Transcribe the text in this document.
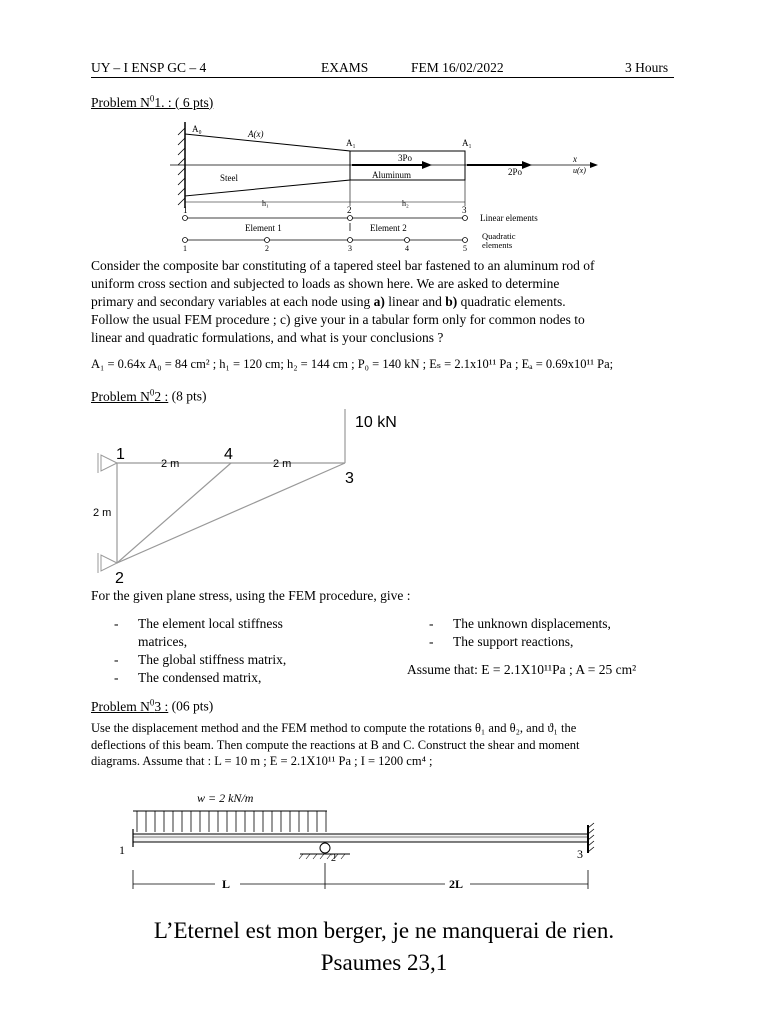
UY – I ENSP GC – 4	EXAMS	FEM 16/02/2022	3 Hours
Problem $N^01$. : ( 6 pts)
A₀	A(x)
A₁	A₁
3Po
2Po
x
u(x)
Steel	Aluminum
h₁	h₂
1	2	3
Linear elements
Element 1	Element 2
Quadratic
elements
1	2	3	4	5
Consider the composite bar constituting of a tapered steel bar fastened to an aluminum rod of
uniform cross section and subjected to loads as shown here. We are asked to determine
primary and secondary variables at each node using a) linear and b) quadratic elements.
Follow the usual FEM procedure ; c) give your in a tabular form only for common nodes to
linear and quadratic formulations, and what is your conclusions ?
A₁ = 0.64x A₀ = 84 cm² ; h₁ = 120 cm; h₂ = 144 cm ; P₀ = 140 kN ; Eₛ = 2.1x10¹¹ Pa ; Eₐ = 0.69x10¹¹ Pa;
Problem $N^02$ : (8 pts)
10 kN
1	4
3
2
2 m	2 m
2 m
For the given plane stress, using the FEM procedure, give :
-	The element local stiffness
matrices,
-	The global stiffness matrix,
-	The condensed matrix,
-	The unknown displacements,
-	The support reactions,
Assume that: E = 2.1X10¹¹Pa ; A = 25 cm²
Problem $N^03$ : (06 pts)
Use the displacement method and the FEM method to compute the rotations θ₁ and θ₂, and ϑ₁ the
deflections of this beam. Then compute the reactions at B and C. Construct the shear and moment
diagrams. Assume that : L = 10 m ; E = 2.1X10¹¹ Pa ; I = 1200 cm⁴ ;
w = 2 kN/m
1	3
2
L	2L
L’Eternel est mon berger, je ne manquerai de rien.
Psaumes 23,1
